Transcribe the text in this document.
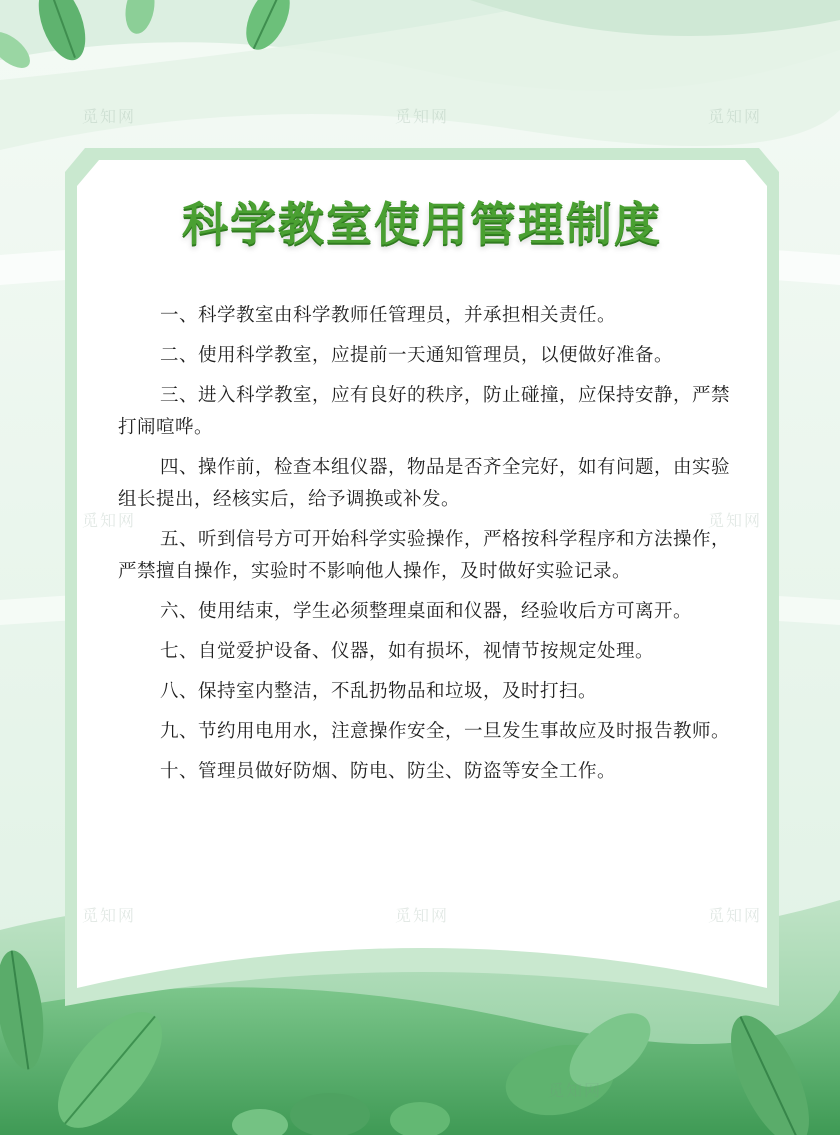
科学教室使用管理制度

一、科学教室由科学教师任管理员，并承担相关责任。

二、使用科学教室，应提前一天通知管理员，以便做好准备。

三、进入科学教室，应有良好的秩序，防止碰撞，应保持安静，严禁打闹喧哗。

四、操作前，检查本组仪器，物品是否齐全完好，如有问题，由实验组长提出，经核实后，给予调换或补发。

五、听到信号方可开始科学实验操作，严格按科学程序和方法操作，严禁擅自操作，实验时不影响他人操作，及时做好实验记录。

六、使用结束，学生必须整理桌面和仪器，经验收后方可离开。

七、自觉爱护设备、仪器，如有损坏，视情节按规定处理。

八、保持室内整洁，不乱扔物品和垃圾，及时打扫。

九、节约用电用水，注意操作安全，一旦发生事故应及时报告教师。

十、管理员做好防烟、防电、防尘、防盗等安全工作。

觅知网	觅知网	觅知网
觅知网	觅知网
觅知网	觅知网	觅知网
觅知网
